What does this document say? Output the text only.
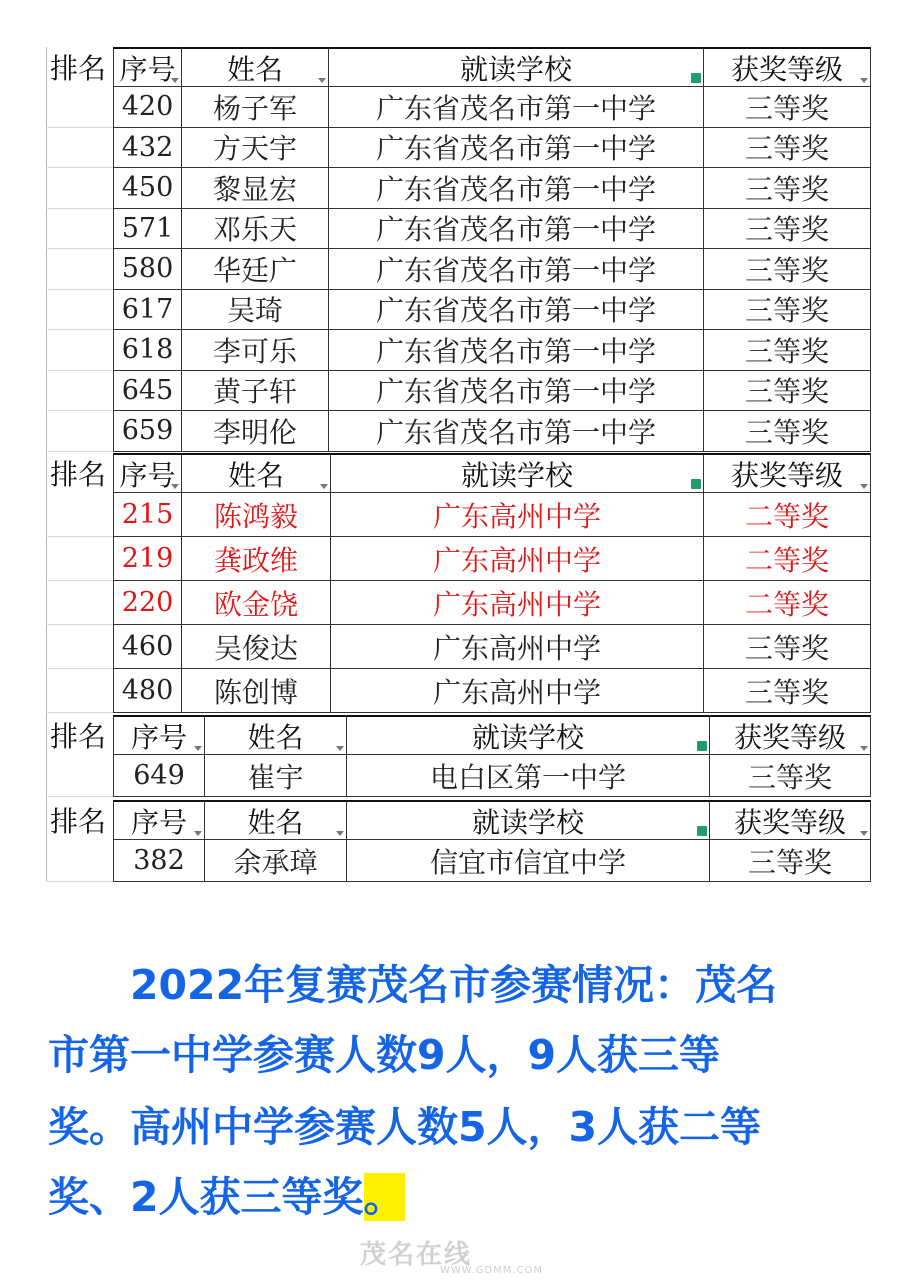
排名 序号 姓名	就读学校	获奖等级
420	杨子军	广东省茂名市第一中学	三等奖
432	方天宇	广东省茂名市第一中学	三等奖
450	黎显宏	广东省茂名市第一中学	三等奖
571	邓乐天	广东省茂名市第一中学	三等奖
580	华廷广	广东省茂名市第一中学	三等奖
617	吴琦	广东省茂名市第一中学	三等奖
618	李可乐	广东省茂名市第一中学	三等奖
645	黄子轩	广东省茂名市第一中学	三等奖
659	李明伦	广东省茂名市第一中学	三等奖
排名 序号 姓名	就读学校	获奖等级
215	陈鸿毅	广东高州中学	二等奖
219	龚政维	广东高州中学	二等奖
220	欧金饶	广东高州中学	二等奖
460	吴俊达	广东高州中学	三等奖
480	陈创博	广东高州中学	三等奖
排名 序号 姓名	就读学校	获奖等级
649	崔宇	电白区第一中学	三等奖
排名 序号 姓名	就读学校	获奖等级
382	余承璋	信宜市信宜中学	三等奖
2022年复赛茂名市参赛情况：茂名
市第一中学参赛人数9人，9人获三等
奖。高州中学参赛人数5人，3人获二等
奖、2人获三等奖。
茂名在线
WWW.GDMM.COM
